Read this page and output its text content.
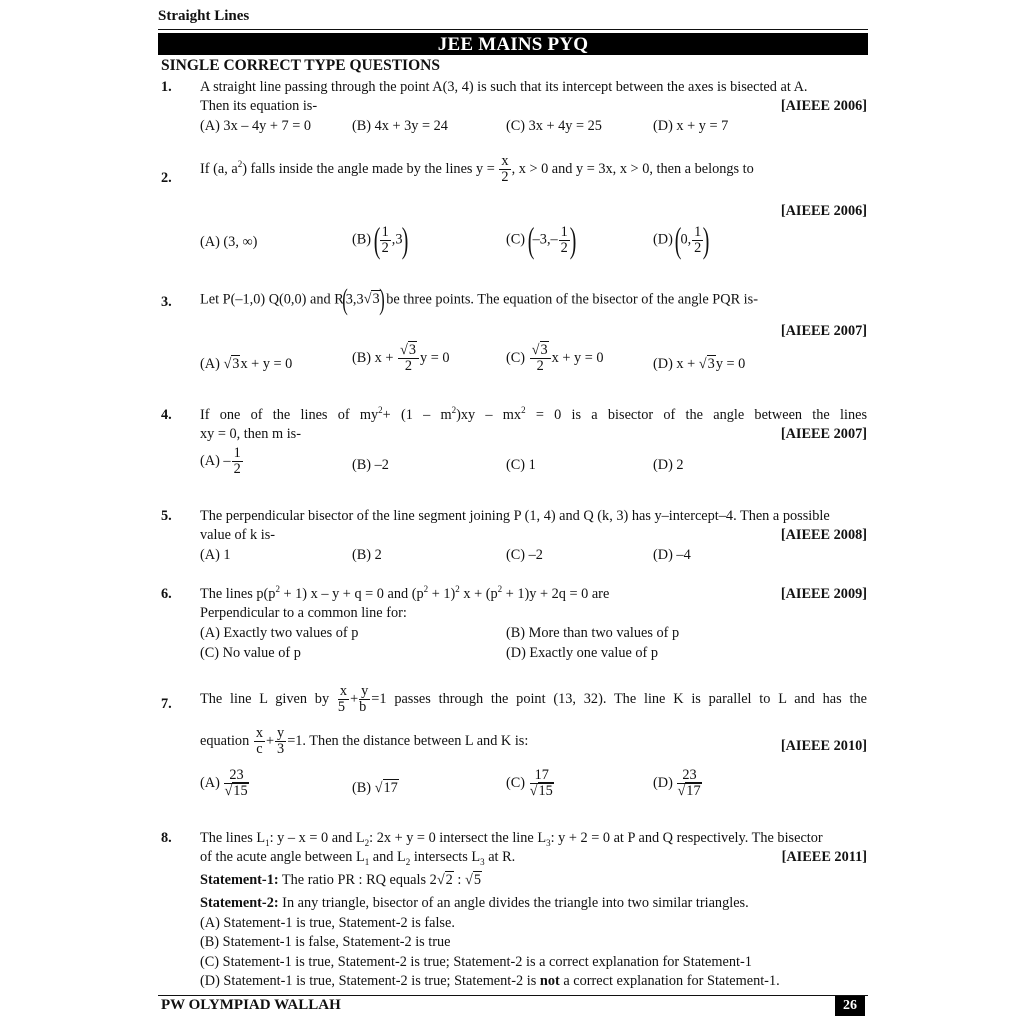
Straight Lines
JEE MAINS PYQ
SINGLE CORRECT TYPE QUESTIONS
1. A straight line passing through the point A(3, 4) is such that its intercept between the axes is bisected at A.
Then its equation is-	[AIEEE 2006]
(A) 3x – 4y + 7 = 0	(B) 4x + 3y = 24	(C) 3x + 4y = 25	(D) x + y = 7
2.
If (a, $a^2$) falls inside the angle made by the lines $y = \frac{x}{2}$ , x > 0 and y = 3x, x > 0, then a belongs to
[AIEEE 2006]
(A) (3, ∞)	(B) ( $\frac{1}{2} ,3$)	(C) ($-3,- \frac{1}{2}$ )	(D) (0, $\frac{1}{2}$ )
3. Let P(–1,0) Q(0,0) and R(3,3√3) be three points. The equation of the bisector of the angle PQR is-
[AIEEE 2007]
(A) √3x + y = 0	(B) $x + \frac{√3}{2}$ y = 0	$(C) \frac{√3}{2}$ x + y = 0	(D) x + √3y = 0
4. If one of the lines of $my^2+ (1 - m^2)xy - mx^2 = 0$ is a bisector of the angle between the lines
xy = 0, then m is-	[AIEEE 2007]
$(A) - \frac{1}{2}$	(B) –2	(C) 1	(D) 2
5. The perpendicular bisector of the line segment joining P (1, 4) and Q (k, 3) has y–intercept–4. Then a possible
value of k is-	[AIEEE 2008]
(A) 1	(B) 2	(C) –2	(D) –4
6. The lines $p(p^2 + 1)$ x – y + q = 0 and $(p^2 + 1)^2$ $x + (p^2 + 1)y + 2q = 0$ are	[AIEEE 2009]
Perpendicular to a common line for:
(A) Exactly two values of p	(B) More than two values of p
(C) No value of p	(D) Exactly one value of p
7. The line L given by $\frac{x}{5} + \frac{y}{b} =1$ passes through the point (13, 32). The line K is parallel to L and has the
equation $\frac{x}{c} + \frac{y}{3} =1$. Then the distance between L and K is:	[AIEEE 2010]
$(A) \frac{23}{√15}$	(B) √17	$(C) \frac{17}{√15}$	$(D) \frac{23}{√17}$
8. The lines $L_1$: y – x = 0 and $L_2$: 2x + y = 0 intersect the line $L_3$: y + 2 = 0 at P and Q respectively. The bisector
of the acute angle between $L_1$ and $L_2$ intersects $L_3$ at R.	[AIEEE 2011]
Statement-1: The ratio PR : RQ equals 2√2 : √5
Statement-2: In any triangle, bisector of an angle divides the triangle into two similar triangles.
(A) Statement-1 is true, Statement-2 is false.
(B) Statement-1 is false, Statement-2 is true
(C) Statement-1 is true, Statement-2 is true; Statement-2 is a correct explanation for Statement-1
(D) Statement-1 is true, Statement-2 is true; Statement-2 is not a correct explanation for Statement-1.
PW OLYMPIAD WALLAH	26
